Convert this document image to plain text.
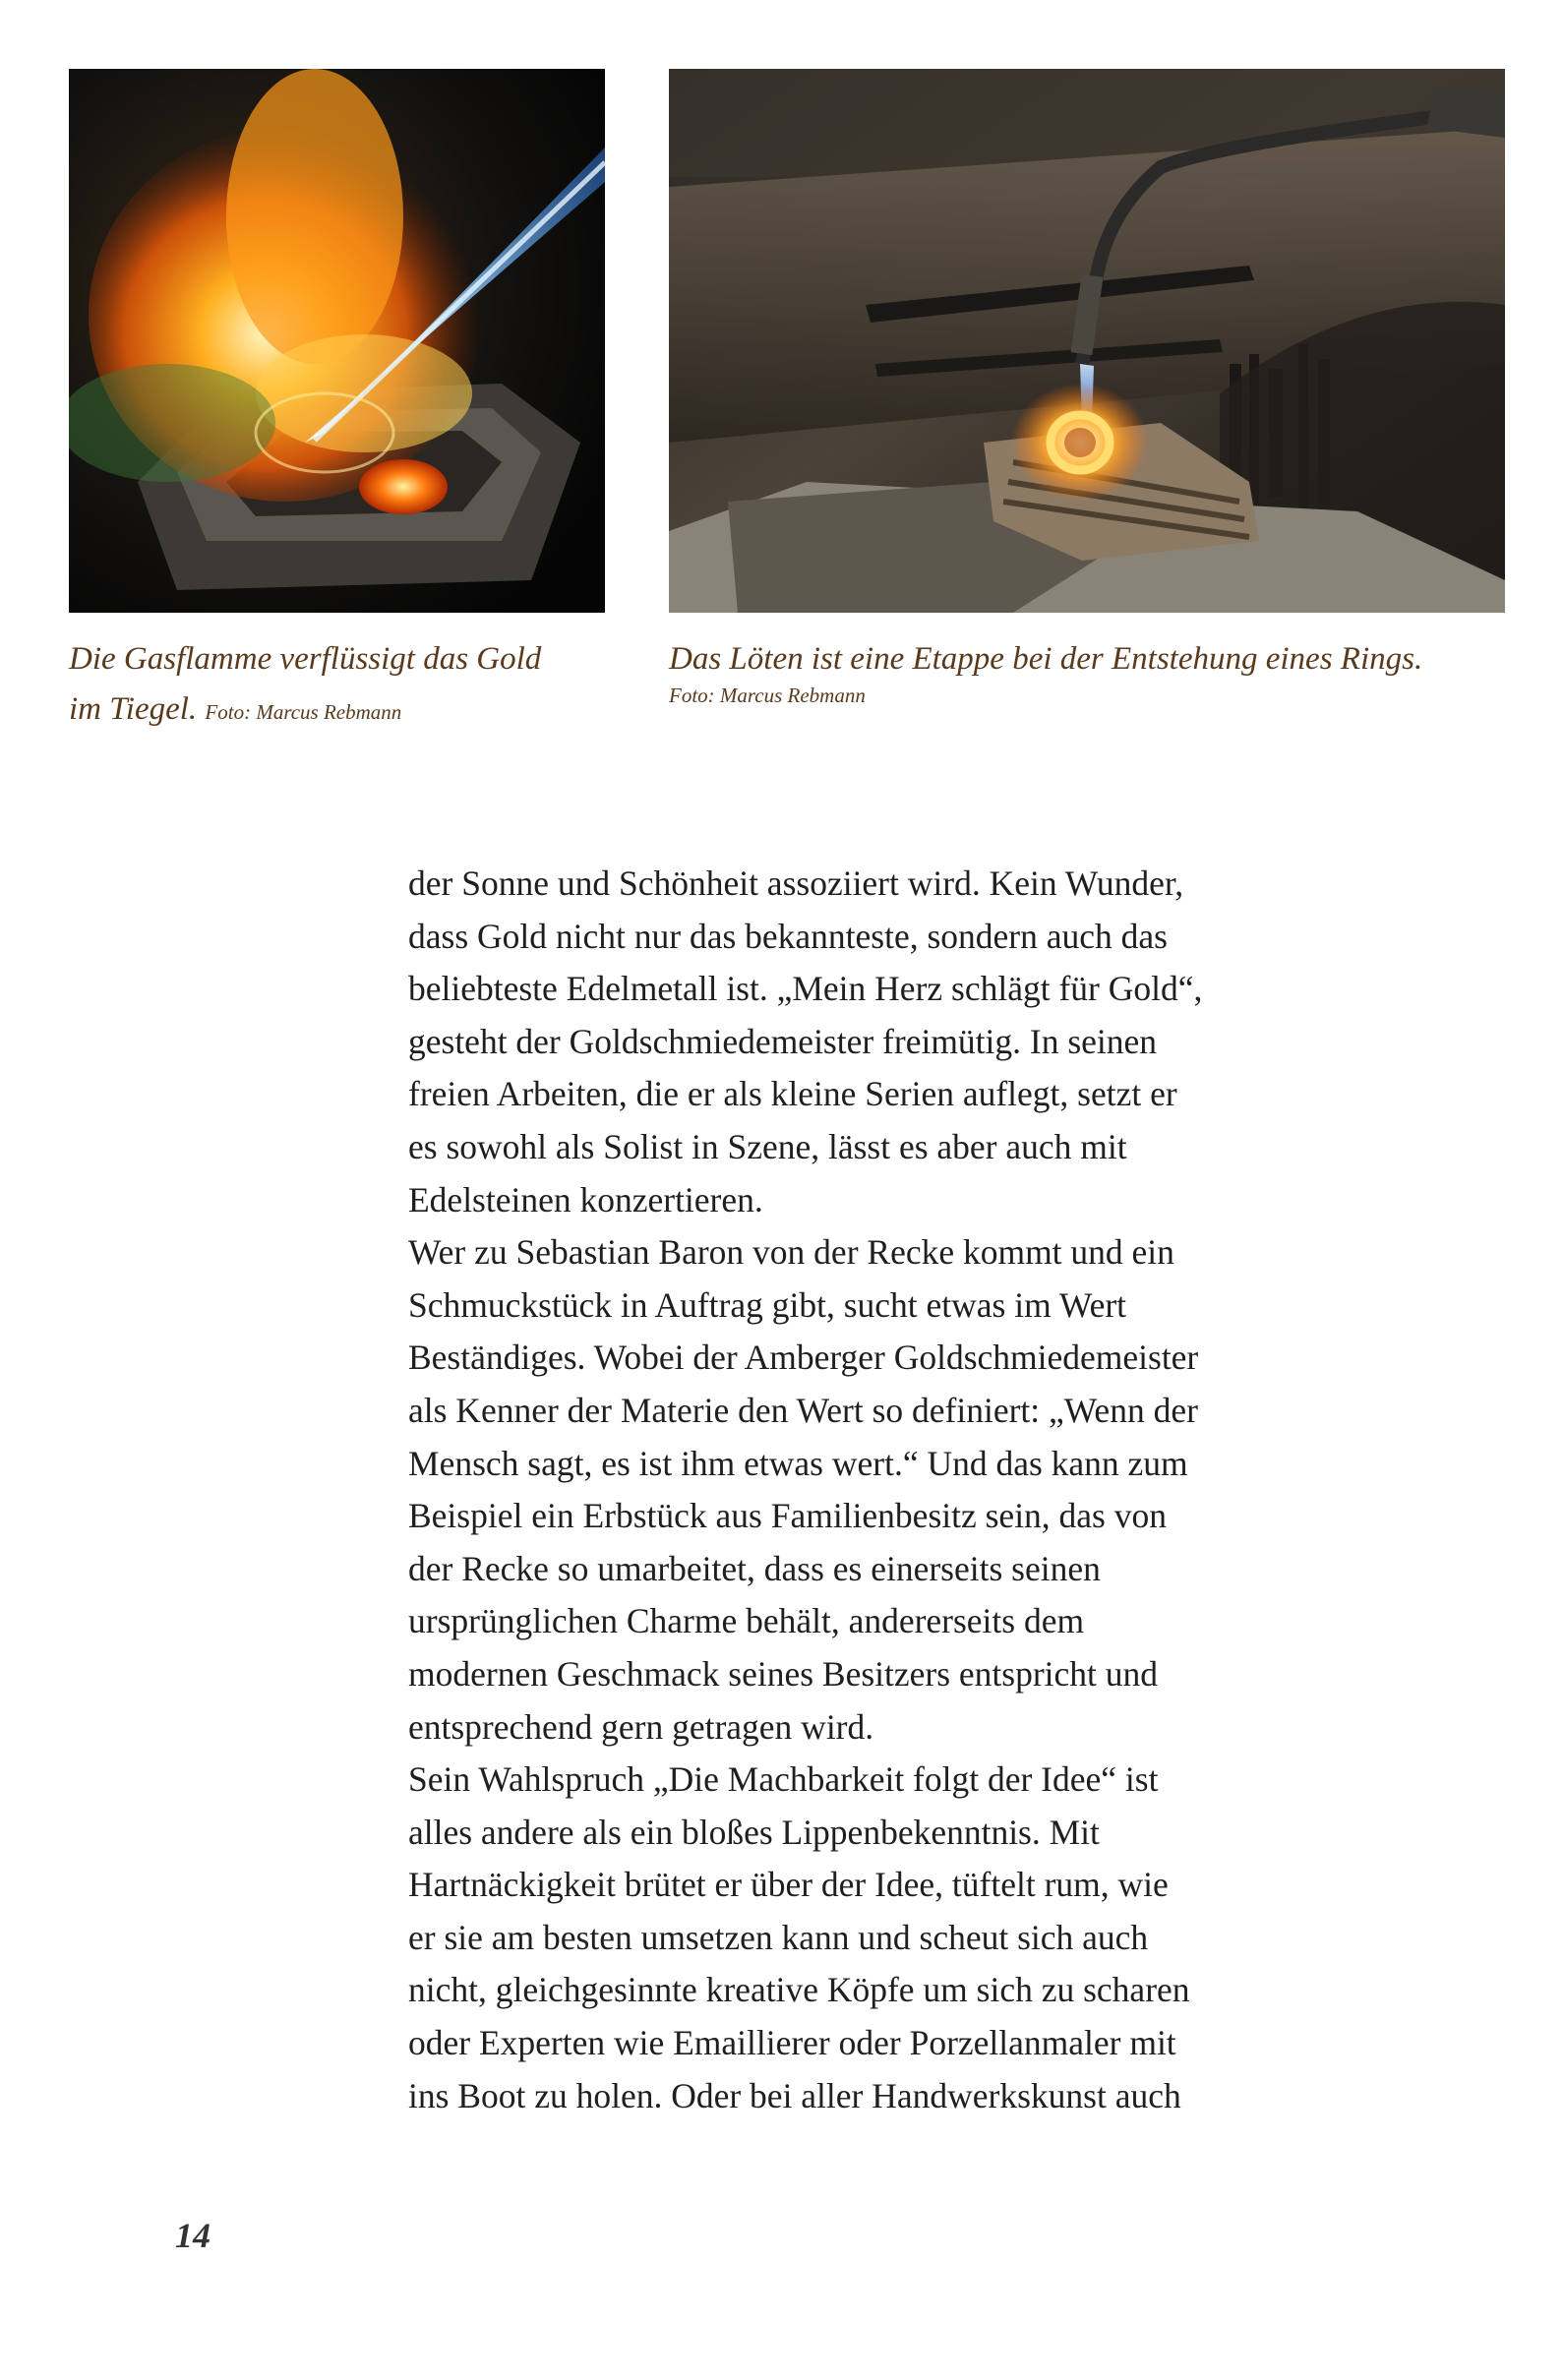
Die Gasflamme verflüssigt das Gold
im Tiegel. Foto: Marcus Rebmann
Das Löten ist eine Etappe bei der Entstehung eines Rings.
Foto: Marcus Rebmann
der Sonne und Schönheit assoziiert wird. Kein Wunder,
dass Gold nicht nur das bekannteste, sondern auch das
beliebteste Edelmetall ist. „Mein Herz schlägt für Gold“,
gesteht der Goldschmiedemeister freimütig. In seinen
freien Arbeiten, die er als kleine Serien auflegt, setzt er
es sowohl als Solist in Szene, lässt es aber auch mit
Edelsteinen konzertieren.
Wer zu Sebastian Baron von der Recke kommt und ein
Schmuckstück in Auftrag gibt, sucht etwas im Wert
Beständiges. Wobei der Amberger Goldschmiedemeister
als Kenner der Materie den Wert so definiert: „Wenn der
Mensch sagt, es ist ihm etwas wert.“ Und das kann zum
Beispiel ein Erbstück aus Familienbesitz sein, das von
der Recke so umarbeitet, dass es einerseits seinen
ursprünglichen Charme behält, andererseits dem
modernen Geschmack seines Besitzers entspricht und
entsprechend gern getragen wird.
Sein Wahlspruch „Die Machbarkeit folgt der Idee“ ist
alles andere als ein bloßes Lippenbekenntnis. Mit
Hartnäckigkeit brütet er über der Idee, tüftelt rum, wie
er sie am besten umsetzen kann und scheut sich auch
nicht, gleichgesinnte kreative Köpfe um sich zu scharen
oder Experten wie Emaillierer oder Porzellanmaler mit
ins Boot zu holen. Oder bei aller Handwerkskunst auch
14
